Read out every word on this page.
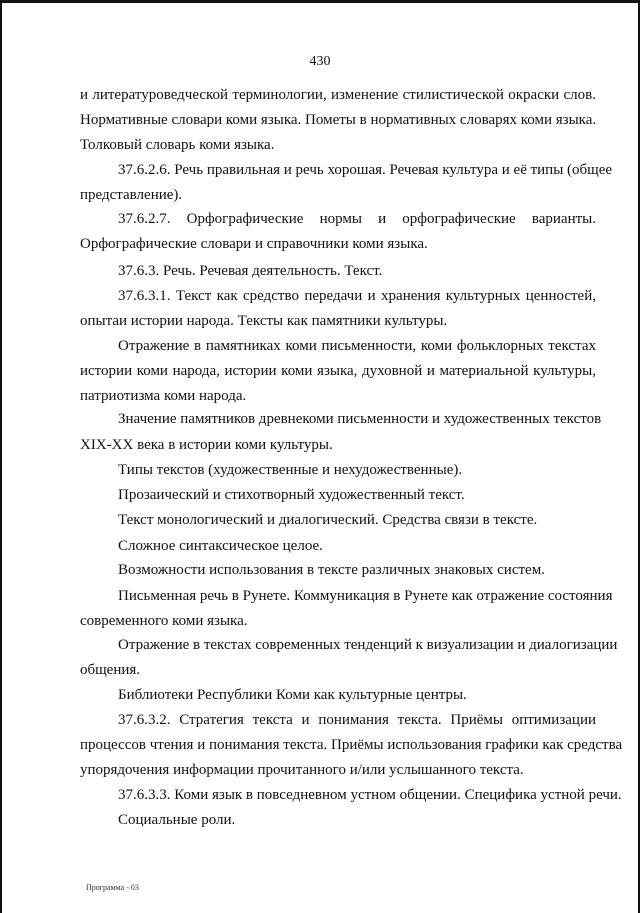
430
и литературоведческой терминологии, изменение стилистической окраски слов.
Нормативные словари коми языка. Пометы в нормативных словарях коми языка.
Толковый словарь коми языка.
37.6.2.6. Речь правильная и речь хорошая. Речевая культура и её типы (общее
представление).
37.6.2.7. Орфографические нормы и орфографические варианты.
Орфографические словари и справочники коми языка.
37.6.3. Речь. Речевая деятельность. Текст.
37.6.3.1. Текст как средство передачи и хранения культурных ценностей,
опытаи истории народа. Тексты как памятники культуры.
Отражение в памятниках коми письменности, коми фольклорных текстах
истории коми народа, истории коми языка, духовной и материальной культуры,
патриотизма коми народа.
Значение памятников древнекоми письменности и художественных текстов
XIX-XX века в истории коми культуры.
Типы текстов (художественные и нехудожественные).
Прозаический и стихотворный художественный текст.
Текст монологический и диалогический. Средства связи в тексте.
Сложное синтаксическое целое.
Возможности использования в тексте различных знаковых систем.
Письменная речь в Рунете. Коммуникация в Рунете как отражение состояния
современного коми языка.
Отражение в текстах современных тенденций к визуализации и диалогизации
общения.
Библиотеки Республики Коми как культурные центры.
37.6.3.2. Стратегия текста и понимания текста. Приёмы оптимизации
процессов чтения и понимания текста. Приёмы использования графики как средства
упорядочения информации прочитанного и/или услышанного текста.
37.6.3.3. Коми язык в повседневном устном общении. Специфика устной речи.
Социальные роли.
Программа - 03
